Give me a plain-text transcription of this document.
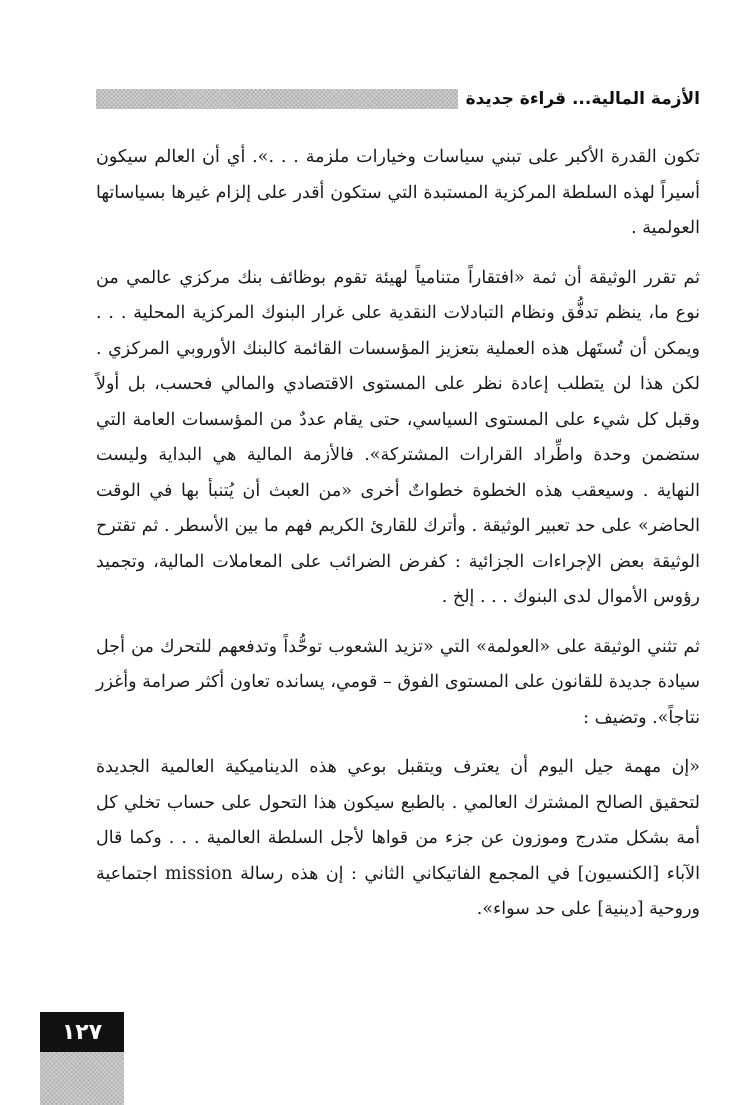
الأزمة المالية... قراءة جديدة

تكون القدرة الأكبر على تبني سياسات وخيارات ملزمة . . .». أي أن العالم سيكون أسيراً لهذه السلطة المركزية المستبدة التي ستكون أقدر على إلزام غيرها بسياساتها العولمية .

ثم تقرر الوثيقة أن ثمة «افتقاراً متنامياً لهيئة تقوم بوظائف بنك مركزي عالمي من نوع ما، ينظم تدفُّق ونظام التبادلات النقدية على غرار البنوك المركزية المحلية . . . ويمكن أن تُستَهل هذه العملية بتعزيز المؤسسات القائمة كالبنك الأوروبي المركزي . لكن هذا لن يتطلب إعادة نظر على المستوى الاقتصادي والمالي فحسب، بل أولاً وقبل كل شيء على المستوى السياسي، حتى يقام عددٌ من المؤسسات العامة التي ستضمن وحدة واطِّراد القرارات المشتركة». فالأزمة المالية هي البداية وليست النهاية . وسيعقب هذه الخطوة خطواتٌ أخرى «من العبث أن يُتنبأ بها في الوقت الحاضر» على حد تعبير الوثيقة . وأترك للقارئ الكريم فهم ما بين الأسطر . ثم تقترح الوثيقة بعض الإجراءات الجزائية : كفرض الضرائب على المعاملات المالية، وتجميد رؤوس الأموال لدى البنوك . . . إلخ .

ثم تثني الوثيقة على «العولمة» التي «تزيد الشعوب توحُّداً وتدفعهم للتحرك من أجل سيادة جديدة للقانون على المستوى الفوق – قومي، يسانده تعاون أكثر صرامة وأغزر نتاجاً». وتضيف :

«إن مهمة جيل اليوم أن يعترف ويتقبل بوعي هذه الديناميكية العالمية الجديدة لتحقيق الصالح المشترك العالمي . بالطبع سيكون هذا التحول على حساب تخلي كل أمة بشكل متدرج وموزون عن جزء من قواها لأجل السلطة العالمية . . . وكما قال الآباء [الكنسيون] في المجمع الفاتيكاني الثاني : إن هذه رسالة mission اجتماعية وروحية [دينية] على حد سواء».

١٢٧
